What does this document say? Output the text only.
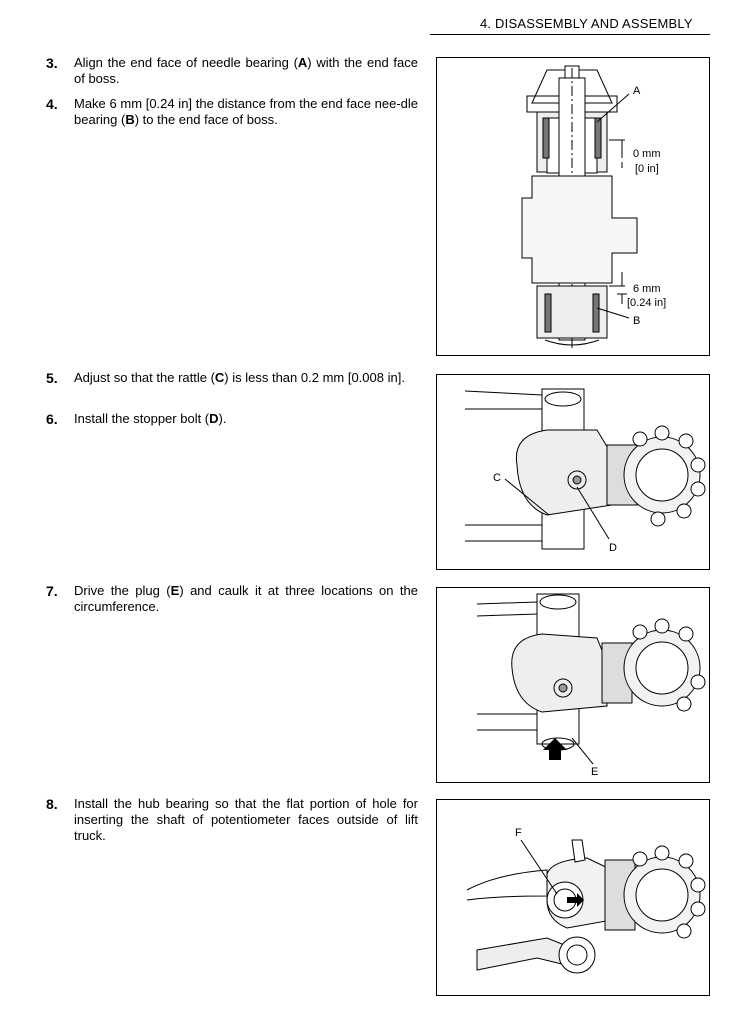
4. DISASSEMBLY AND ASSEMBLY
3. Align the end face of needle bearing (A) with the end face of boss.
4. Make 6 mm [0.24 in] the distance from the end face nee-dle bearing (B) to the end face of boss.
5. Adjust so that the rattle (C) is less than 0.2 mm [0.008 in].
6. Install the stopper bolt (D).
7. Drive the plug (E) and caulk it at three locations on the circumference.
8. Install the hub bearing so that the flat portion of hole for inserting the shaft of potentiometer faces outside of lift truck.
A
B
0 mm
[0 in]
6 mm
[0.24 in]
C
D
E
F
